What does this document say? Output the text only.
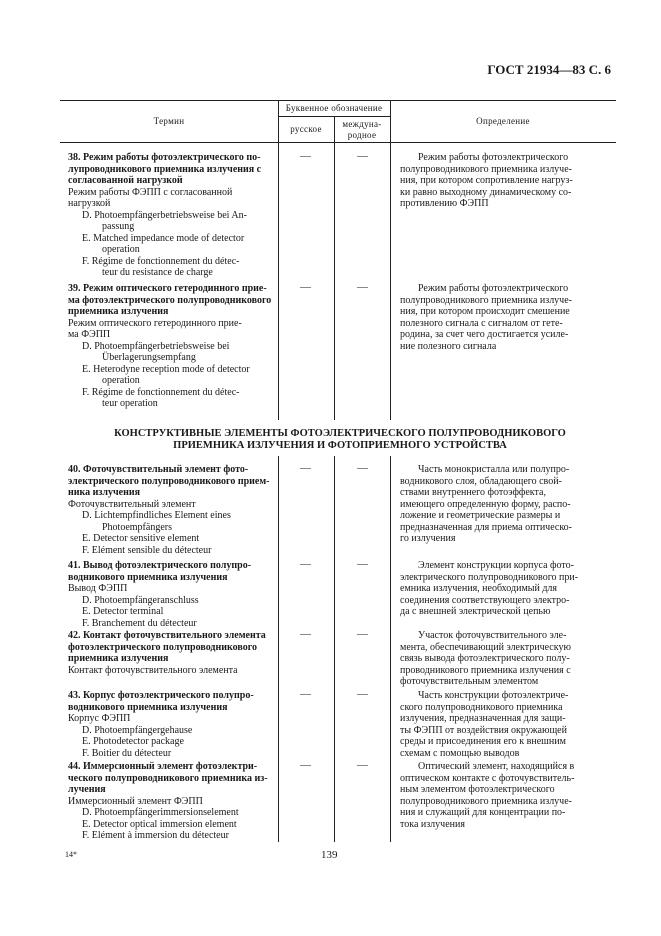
ГОСТ 21934—83 С. 6
Термин
Буквенное обозначение
русское	междуна-
родное
Определение
38. Режим работы фотоэлектрического по-
лупроводникового приемника излучения с
согласованной нагрузкой
Режим работы ФЭПП с согласованной
нагрузкой
D. Photoempfängerbetriebsweise bei An-
passung
E. Matched impedance mode of detector
operation
F. Régime de fonctionnement du détec-
teur du resistance de charge
—	—	Режим работы фотоэлектрического
полупроводникового приемника излуче-
ния, при котором сопротивление нагруз-
ки равно выходному динамическому со-
противлению ФЭПП
39. Режим оптического гетеродинного прие-
ма фотоэлектрического полупроводникового
приемника излучения
Режим оптического гетеродинного прие-
ма ФЭПП
D. Photoempfängerbetriebsweise bei
Überlagerungsempfang
E. Heterodyne reception mode of detector
operation
F. Régime de fonctionnement du détec-
teur operation
—	—	Режим работы фотоэлектрического
полупроводникового приемника излуче-
ния, при котором происходит смешение
полезного сигнала с сигналом от гете-
родина, за счет чего достигается усиле-
ние полезного сигнала
КОНСТРУКТИВНЫЕ ЭЛЕМЕНТЫ ФОТОЭЛЕКТРИЧЕСКОГО ПОЛУПРОВОДНИКОВОГО
ПРИЕМНИКА ИЗЛУЧЕНИЯ И ФОТОПРИЕМНОГО УСТРОЙСТВА
40. Фоточувствительный элемент фото-
электрического полупроводникового прием-
ника излучения
Фоточувствительный элемент
D. Lichtempfindliches Element eines
Photoempfängers
E. Detector sensitive element
F. Elément sensible du détecteur
—	—	Часть монокристалла или полупро-
водникового слоя, обладающего свой-
ствами внутреннего фотоэффекта,
имеющего определенную форму, распо-
ложение и геометрические размеры и
предназначенная для приема оптическо-
го излучения
41. Вывод фотоэлектрического полупро-
водникового приемника излучения
Вывод ФЭПП
D. Photoempfängeranschluss
E. Detector terminal
F. Branchement du détecteur
—	—	Элемент конструкции корпуса фото-
электрического полупроводникового при-
емника излучения, необходимый для
соединения соответствующего электро-
да с внешней электрической цепью
42. Контакт фоточувствительного элемента
фотоэлектрического полупроводникового
приемника излучения
Контакт фоточувствительного элемента
—	—	Участок фоточувствительного эле-
мента, обеспечивающий электрическую
связь вывода фотоэлектрического полу-
проводникового приемника излучения с
фоточувствительным элементом
43. Корпус фотоэлектрического полупро-
водникового приемника излучения
Корпус ФЭПП
D. Photoempfängergehause
E. Photodetector package
F. Boitier du détecteur
—	—	Часть конструкции фотоэлектриче-
ского полупроводникового приемника
излучения, предназначенная для защи-
ты ФЭПП от воздействия окружающей
среды и присоединения его к внешним
схемам с помощью выводов
44. Иммерсионный элемент фотоэлектри-
ческого полупроводникового приемника из-
лучения
Иммерсионный элемент ФЭПП
D. Photoempfängerimmersionselement
E. Detector optical immersion element
F. Elément à immersion du détecteur
—	—	Оптический элемент, находящийся в
оптическом контакте с фоточувствитель-
ным элементом фотоэлектрического
полупроводникового приемника излуче-
ния и служащий для концентрации по-
тока излучения
14*	139
